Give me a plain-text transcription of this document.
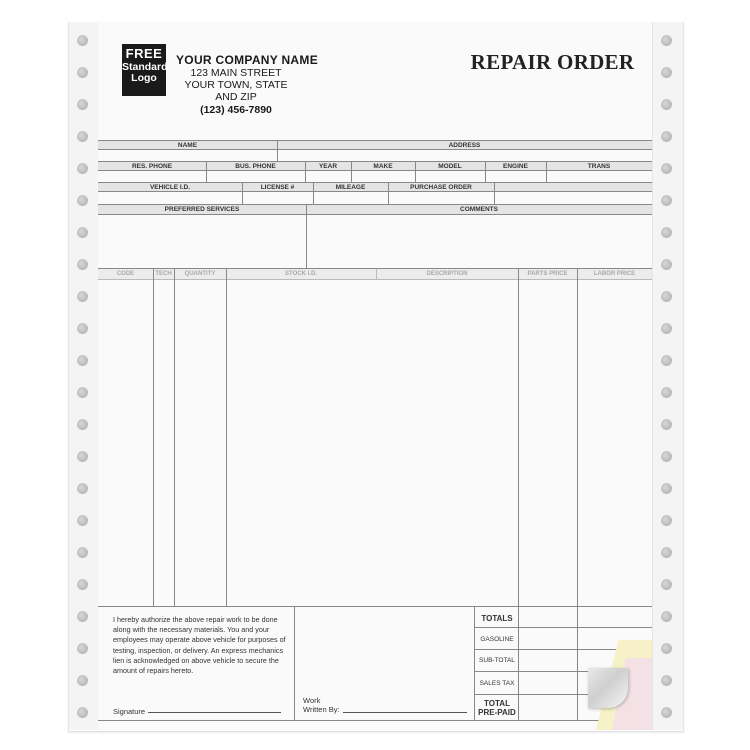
FREE
Standard
Logo
YOUR COMPANY NAME
123 MAIN STREET
YOUR TOWN, STATE AND ZIP
(123) 456-7890
REPAIR ORDER
NAME	ADDRESS
RES. PHONE	BUS. PHONE	YEAR	MAKE	MODEL	ENGINE	TRANS
VEHICLE I.D.	LICENSE #	MILEAGE	PURCHASE ORDER
PREFERRED SERVICES	COMMENTS
CODE	TECH	QUANTITY	STOCK I.D.	DESCRIPTION	PARTS PRICE	LABOR PRICE
I hereby authorize the above repair work to be done along with the necessary materials. You and your employees may operate above vehicle for purposes of testing, inspection, or delivery. An express mechanics lien is acknowledged on above vehicle to secure the amount of repairs hereto.
Signature
Work
Written By:
TOTALS
GASOLINE
SUB-TOTAL
SALES TAX
TOTAL
PRE-PAID
